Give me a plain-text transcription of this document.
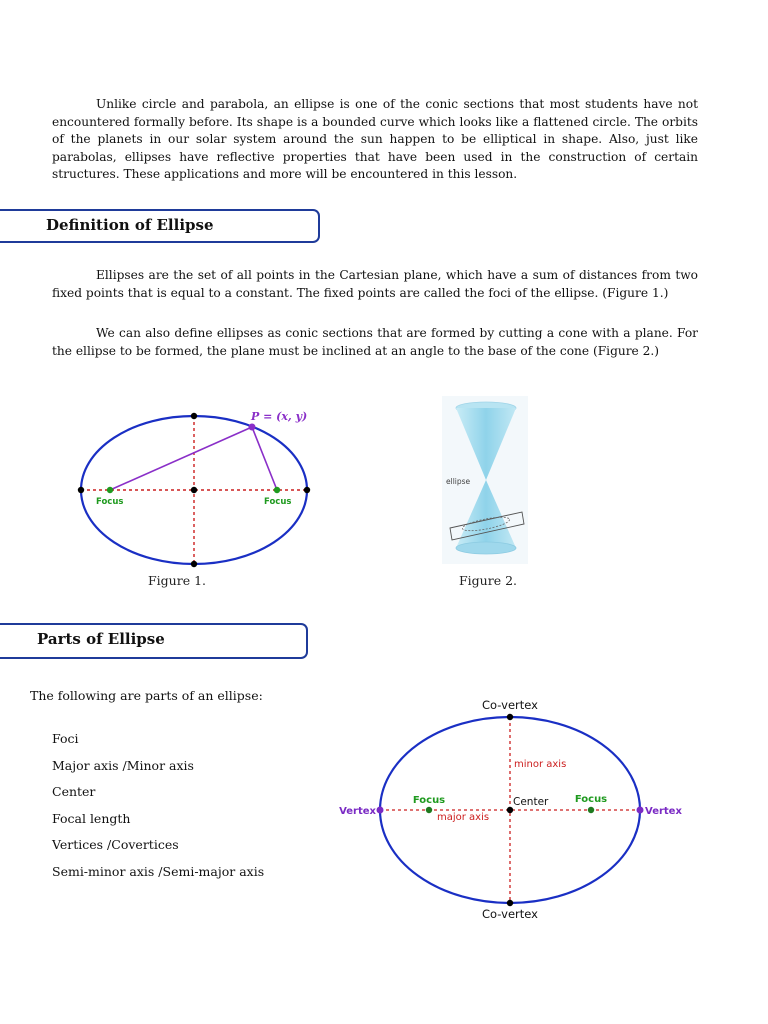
Unlike circle and parabola, an ellipse is one of the conic sections that most students have not encountered formally before. Its shape is a bounded curve which looks like a flattened circle. The orbits of the planets in our solar system around the sun happen to be elliptical in shape. Also, just like parabolas, ellipses have reflective properties that have been used in the construction of certain structures. These applications and more will be encountered in this lesson.

Definition of Ellipse

Ellipses are the set of all points in the Cartesian plane, which have a sum of distances from two fixed points that is equal to a constant. The fixed points are called the foci of the ellipse. (Figure 1.)

We can also define ellipses as conic sections that are formed by cutting a cone with a plane. For the ellipse to be formed, the plane must be inclined at an angle to the base of the cone (Figure 2.)

P = (x, y)
Focus	Focus
Figure 1.
ellipse
Figure 2.
Parts of Ellipse
The following are parts of an ellipse:
Foci
Major axis /Minor axis
Center
Focal length
Vertices /Covertices
Semi-minor axis /Semi-major axis
Co-vertex
Co-vertex
Vertex	Vertex
Focus	Focus
Center
minor axis
major axis
